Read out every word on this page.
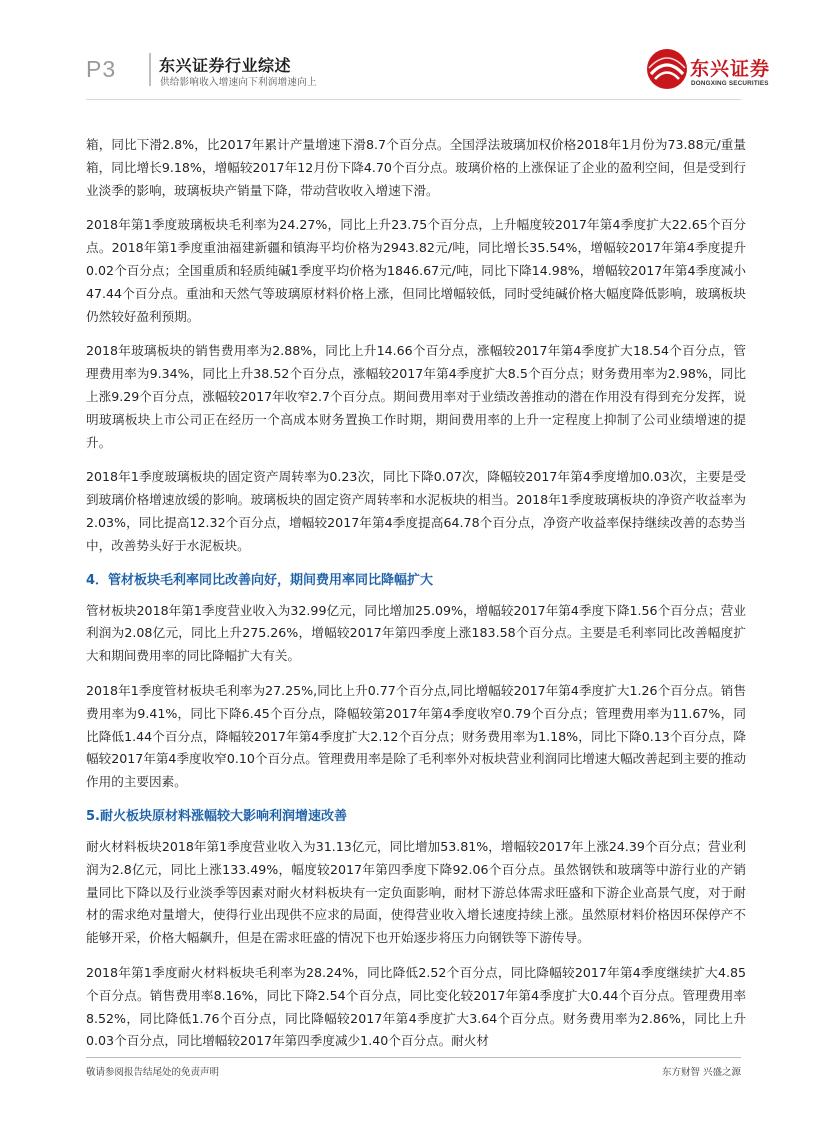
P3	东兴证券行业综述
供给影响收入增速向下利润增速向上
东兴证券
DONGXING SECURITIES

箱，同比下滑2.8%，比2017年累计产量增速下滑8.7个百分点。全国浮法玻璃加权价格2018年1月份为73.88元/重量箱，同比增长9.18%，增幅较2017年12月份下降4.70个百分点。玻璃价格的上涨保证了企业的盈利空间，但是受到行业淡季的影响，玻璃板块产销量下降，带动营收收入增速下滑。

2018年第1季度玻璃板块毛利率为24.27%，同比上升23.75个百分点，上升幅度较2017年第4季度扩大22.65个百分点。2018年第1季度重油福建新疆和镇海平均价格为2943.82元/吨，同比增长35.54%，增幅较2017年第4季度提升0.02个百分点；全国重质和轻质纯碱1季度平均价格为1846.67元/吨，同比下降14.98%，增幅较2017年第4季度减小47.44个百分点。重油和天然气等玻璃原材料价格上涨，但同比增幅较低，同时受纯碱价格大幅度降低影响，玻璃板块仍然较好盈利预期。

2018年玻璃板块的销售费用率为2.88%，同比上升14.66个百分点，涨幅较2017年第4季度扩大18.54个百分点，管理费用率为9.34%，同比上升38.52个百分点，涨幅较2017年第4季度扩大8.5个百分点；财务费用率为2.98%，同比上涨9.29个百分点，涨幅较2017年收窄2.7个百分点。期间费用率对于业绩改善推动的潜在作用没有得到充分发挥，说明玻璃板块上市公司正在经历一个高成本财务置换工作时期，期间费用率的上升一定程度上抑制了公司业绩增速的提升。

2018年1季度玻璃板块的固定资产周转率为0.23次，同比下降0.07次，降幅较2017年第4季度增加0.03次，主要是受到玻璃价格增速放缓的影响。玻璃板块的固定资产周转率和水泥板块的相当。2018年1季度玻璃板块的净资产收益率为2.03%，同比提高12.32个百分点，增幅较2017年第4季度提高64.78个百分点，净资产收益率保持继续改善的态势当中，改善势头好于水泥板块。

4．管材板块毛利率同比改善向好，期间费用率同比降幅扩大

管材板块2018年第1季度营业收入为32.99亿元，同比增加25.09%，增幅较2017年第4季度下降1.56个百分点；营业利润为2.08亿元，同比上升275.26%，增幅较2017年第四季度上涨183.58个百分点。主要是毛利率同比改善幅度扩大和期间费用率的同比降幅扩大有关。

2018年1季度管材板块毛利率为27.25%,同比上升0.77个百分点,同比增幅较2017年第4季度扩大1.26个百分点。销售费用率为9.41%，同比下降6.45个百分点，降幅较第2017年第4季度收窄0.79个百分点；管理费用率为11.67%，同比降低1.44个百分点，降幅较2017年第4季度扩大2.12个百分点；财务费用率为1.18%，同比下降0.13个百分点，降幅较2017年第4季度收窄0.10个百分点。管理费用率是除了毛利率外对板块营业利润同比增速大幅改善起到主要的推动作用的主要因素。

5.耐火板块原材料涨幅较大影响利润增速改善

耐火材料板块2018年第1季度营业收入为31.13亿元，同比增加53.81%，增幅较2017年上涨24.39个百分点；营业利润为2.8亿元，同比上涨133.49%，幅度较2017年第四季度下降92.06个百分点。虽然钢铁和玻璃等中游行业的产销量同比下降以及行业淡季等因素对耐火材料板块有一定负面影响，耐材下游总体需求旺盛和下游企业高景气度，对于耐材的需求绝对量增大，使得行业出现供不应求的局面，使得营业收入增长速度持续上涨。虽然原材料价格因环保停产不能够开采，价格大幅飙升，但是在需求旺盛的情况下也开始逐步将压力向钢铁等下游传导。

2018年第1季度耐火材料板块毛利率为28.24%，同比降低2.52个百分点，同比降幅较2017年第4季度继续扩大4.85个百分点。销售费用率8.16%，同比下降2.54个百分点，同比变化较2017年第4季度扩大0.44个百分点。管理费用率8.52%，同比降低1.76个百分点，同比降幅较2017年第4季度扩大3.64个百分点。财务费用率为2.86%，同比上升0.03个百分点，同比增幅较2017年第四季度减少1.40个百分点。耐火材

敬请参阅报告结尾处的免责声明	东方财智 兴盛之源
